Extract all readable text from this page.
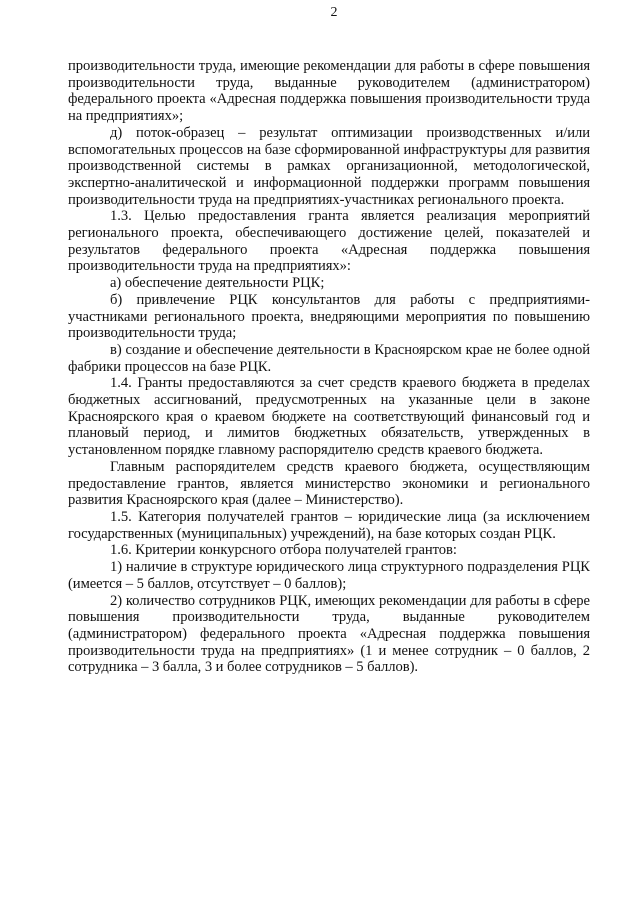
2

производительности труда, имеющие рекомендации для работы в сфере повышения производительности труда, выданные руководителем (администратором) федерального проекта «Адресная поддержка повышения производительности труда на предприятиях»;

д) поток-образец – результат оптимизации производственных и/или вспомогательных процессов на базе сформированной инфраструктуры для развития производственной системы в рамках организационной, методологической, экспертно-аналитической и информационной поддержки программ повышения производительности труда на предприятиях-участниках регионального проекта.

1.3. Целью предоставления гранта является реализация мероприятий регионального проекта, обеспечивающего достижение целей, показателей и результатов федерального проекта «Адресная поддержка повышения производительности труда на предприятиях»:

а) обеспечение деятельности РЦК;

б) привлечение РЦК консультантов для работы с предприятиями-участниками регионального проекта, внедряющими мероприятия по повышению производительности труда;

в) создание и обеспечение деятельности в Красноярском крае не более одной фабрики процессов на базе РЦК.

1.4. Гранты предоставляются за счет средств краевого бюджета в пределах бюджетных ассигнований, предусмотренных на указанные цели в законе Красноярского края о краевом бюджете на соответствующий финансовый год и плановый период, и лимитов бюджетных обязательств, утвержденных в установленном порядке главному распорядителю средств краевого бюджета.

Главным распорядителем средств краевого бюджета, осуществляющим предоставление грантов, является министерство экономики и регионального развития Красноярского края (далее – Министерство).

1.5. Категория получателей грантов – юридические лица (за исключением государственных (муниципальных) учреждений), на базе которых создан РЦК.

1.6. Критерии конкурсного отбора получателей грантов:

1) наличие в структуре юридического лица структурного подразделения РЦК (имеется – 5 баллов, отсутствует – 0 баллов);

2) количество сотрудников РЦК, имеющих рекомендации для работы в сфере повышения производительности труда, выданные руководителем (администратором) федерального проекта «Адресная поддержка повышения производительности труда на предприятиях» (1 и менее сотрудник – 0 баллов, 2 сотрудника – 3 балла, 3 и более сотрудников – 5 баллов).
